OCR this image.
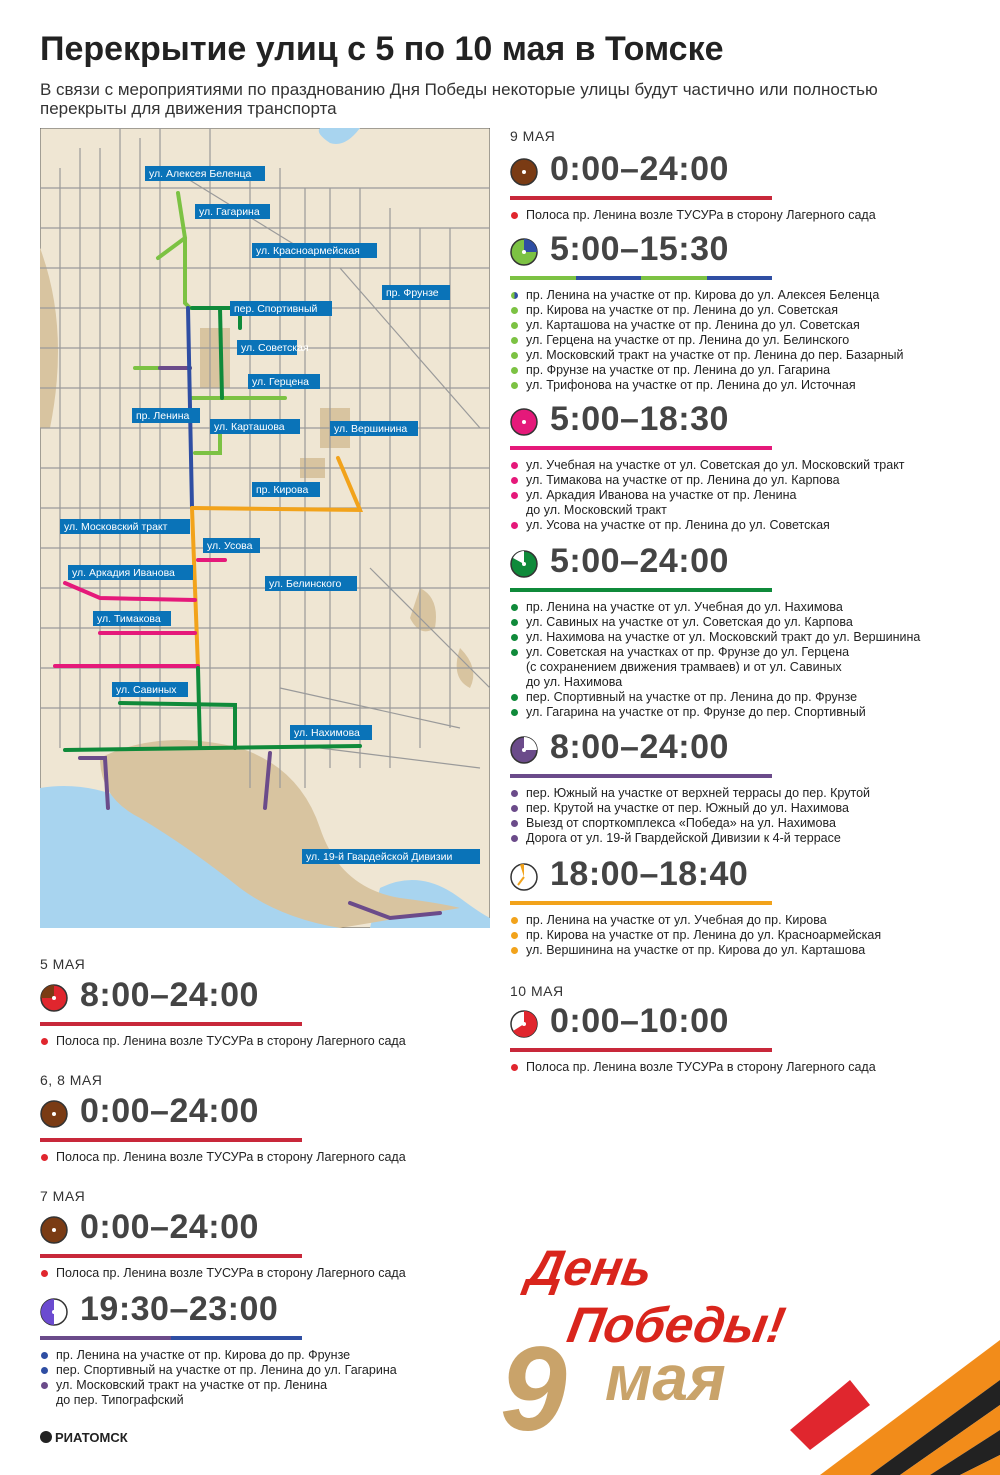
Перекрытие улиц с 5 по 10 мая в Томске
В связи с мероприятиями по празднованию Дня Победы некоторые улицы будут частично или полностью перекрыты для движения транспорта
ул. Алексея Беленца
ул. Гагарина
ул. Красноармейская
пр. Фрунзе
пер. Спортивный
ул. Советская
ул. Герцена
пр. Ленина
ул. Карташова	ул. Вершинина
пр. Кирова
ул. Московский тракт
ул. Усова
ул. Аркадия Иванова
ул. Белинского
ул. Тимакова
ул. Савиных
ул. Нахимова
ул. 19-й Гвардейской Дивизии
9 МАЯ
0:00–24:00
Полоса пр. Ленина возле ТУСУРа в сторону Лагерного сада
5:00–15:30
пр. Ленина на участке от пр. Кирова до ул. Алексея Беленца
пр. Кирова на участке от пр. Ленина до ул. Советская
ул. Карташова на участке от пр. Ленина до ул. Советская
ул. Герцена на участке от пр. Ленина до ул. Белинского
ул. Московский тракт на участке от пр. Ленина до пер. Базарный
пр. Фрунзе на участке от пр. Ленина до ул. Гагарина
ул. Трифонова на участке от пр. Ленина до ул. Источная
5:00–18:30
ул. Учебная на участке от ул. Советская до ул. Московский тракт
ул. Тимакова на участке от пр. Ленина до ул. Карпова
ул. Аркадия Иванова на участке от пр. Ленина
до ул. Московский тракт
ул. Усова на участке от пр. Ленина до ул. Советская
5:00–24:00
пр. Ленина на участке от ул. Учебная до ул. Нахимова
ул. Савиных на участке от ул. Советская до ул. Карпова
ул. Нахимова на участке от ул. Московский тракт до ул. Вершинина
ул. Советская на участках от пр. Фрунзе до ул. Герцена
(с сохранением движения трамваев) и от ул. Савиных
до ул. Нахимова
пер. Спортивный на участке от пр. Ленина до пр. Фрунзе
ул. Гагарина на участке от пр. Фрунзе до пер. Спортивный
8:00–24:00
пер. Южный на участке от верхней террасы до пер. Крутой
пер. Крутой на участке от пер. Южный до ул. Нахимова
Выезд от спорткомплекса «Победа» на ул. Нахимова
Дорога от ул. 19-й Гвардейской Дивизии к 4-й террасе
18:00–18:40
пр. Ленина на участке от ул. Учебная до пр. Кирова
пр. Кирова на участке от пр. Ленина до ул. Красноармейская
ул. Вершинина на участке от пр. Кирова до ул. Карташова
10 МАЯ
0:00–10:00
Полоса пр. Ленина возле ТУСУРа в сторону Лагерного сада
5 МАЯ
8:00–24:00
Полоса пр. Ленина возле ТУСУРа в сторону Лагерного сада
6, 8 МАЯ
0:00–24:00
Полоса пр. Ленина возле ТУСУРа в сторону Лагерного сада
7 МАЯ
0:00–24:00
Полоса пр. Ленина возле ТУСУРа в сторону Лагерного сада
19:30–23:00
пр. Ленина на участке от пр. Кирова до пр. Фрунзе
пер. Спортивный на участке от пр. Ленина до ул. Гагарина
ул. Московский тракт на участке от пр. Ленина
до пер. Типографский
РИАТОМСК
День
Победы!
9 мая
